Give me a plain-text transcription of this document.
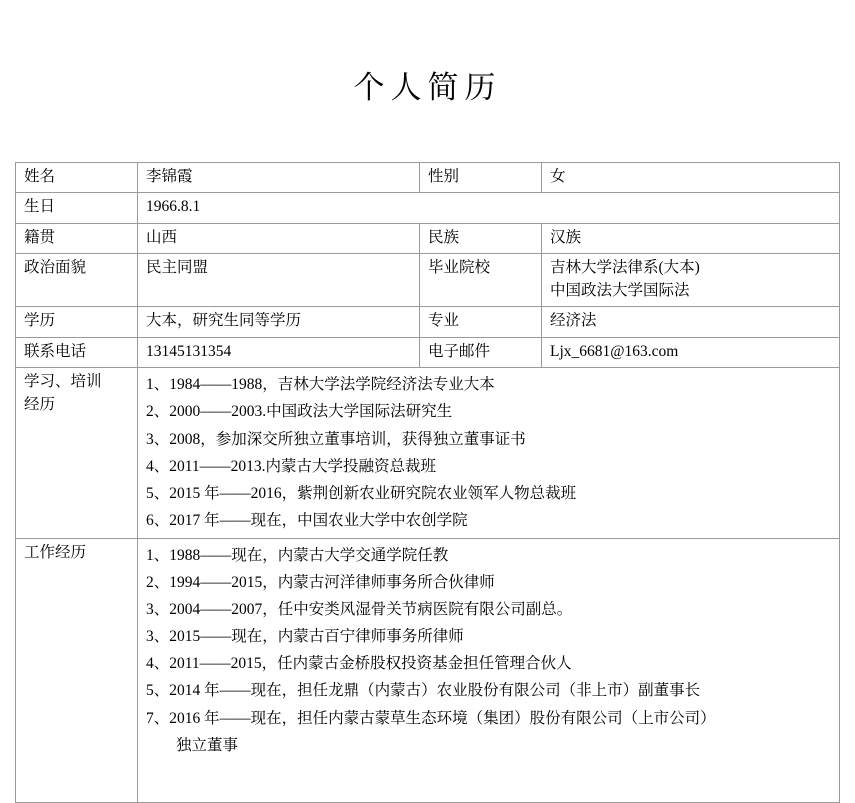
个人简历
姓名	李锦霞	性别	女
生日	1966.8.1		
籍贯	山西	民族	汉族
政治面貌	民主同盟	毕业院校	吉林大学法律系(大本)
中国政法大学国际法

学历	大本，研究生同等学历	专业	经济法
联系电话	13145131354	电子邮件	Ljx_6681@163.com

学习、培训
经历

1、1984——1988，吉林大学法学院经济法专业大本
2、2000——2003.中国政法大学国际法研究生
3、2008，参加深交所独立董事培训，获得独立董事证书
4、2011——2013.内蒙古大学投融资总裁班
5、2015 年——2016，紫荆创新农业研究院农业领军人物总裁班
6、2017 年——现在，中国农业大学中农创学院

工作经历	1、1988——现在，内蒙古大学交通学院任教
2、1994——2015，内蒙古河洋律师事务所合伙律师
3、2004——2007，任中安类风湿骨关节病医院有限公司副总。
3、2015——现在，内蒙古百宁律师事务所律师
4、2011——2015，任内蒙古金桥股权投资基金担任管理合伙人
5、2014 年——现在，担任龙鼎（内蒙古）农业股份有限公司（非上市）副董事长
7、2016 年——现在，担任内蒙古蒙草生态环境（集团）股份有限公司（上市公司）
独立董事
